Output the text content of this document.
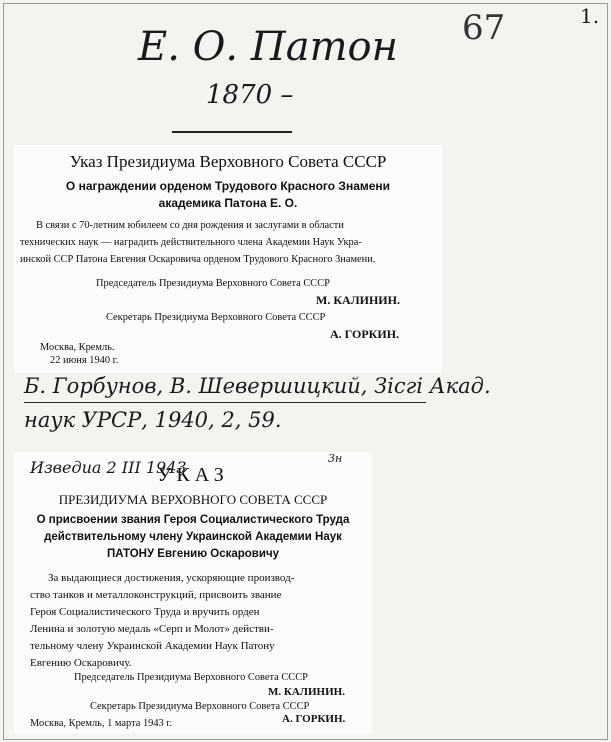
Е. О. Патон
1870 –
67	1.
Указ Президиума Верховного Совета СССР
О награждении орденом Трудового Красного Знамени
академика Патона Е. О.
В связи с 70-летним юбилеем со дня рождения и заслугами в области
технических наук — наградить действительного члена Академии Наук Укра-
инской ССР Патона Евгения Оскаровича орденом Трудового Красного Знамени.
Председатель Президиума Верховного Совета СССР
М. КАЛИНИН.
Секретарь Президиума Верховного Совета СССР
А. ГОРКИН.
Москва, Кремль.
22 июня 1940 г.
Б. Горбунов, В. Шевершицкий, Зiсгi Акад.
наук УРСР, 1940, 2, 59.
Изведиа 2 III 1943	3н
УКАЗ
ПРЕЗИДИУМА ВЕРХОВНОГО СОВЕТА СССР
О присвоении звания Героя Социалистического Труда
действительному члену Украинской Академии Наук
ПАТОНУ Евгению Оскаровичу
За выдающиеся достижения, ускоряющие производ-
ство танков и металлоконструкций, присвоить звание
Героя Социалистического Труда и вручить орден
Ленина и золотую медаль «Серп и Молот» действи-
тельному члену Украинской Академии Наук Патону
Евгению Оскаровичу.
Председатель Президиума Верховного Совета СССР
М. КАЛИНИН.
Секретарь Президиума Верховного Совета СССР
А. ГОРКИН.
Москва, Кремль, 1 марта 1943 г.
